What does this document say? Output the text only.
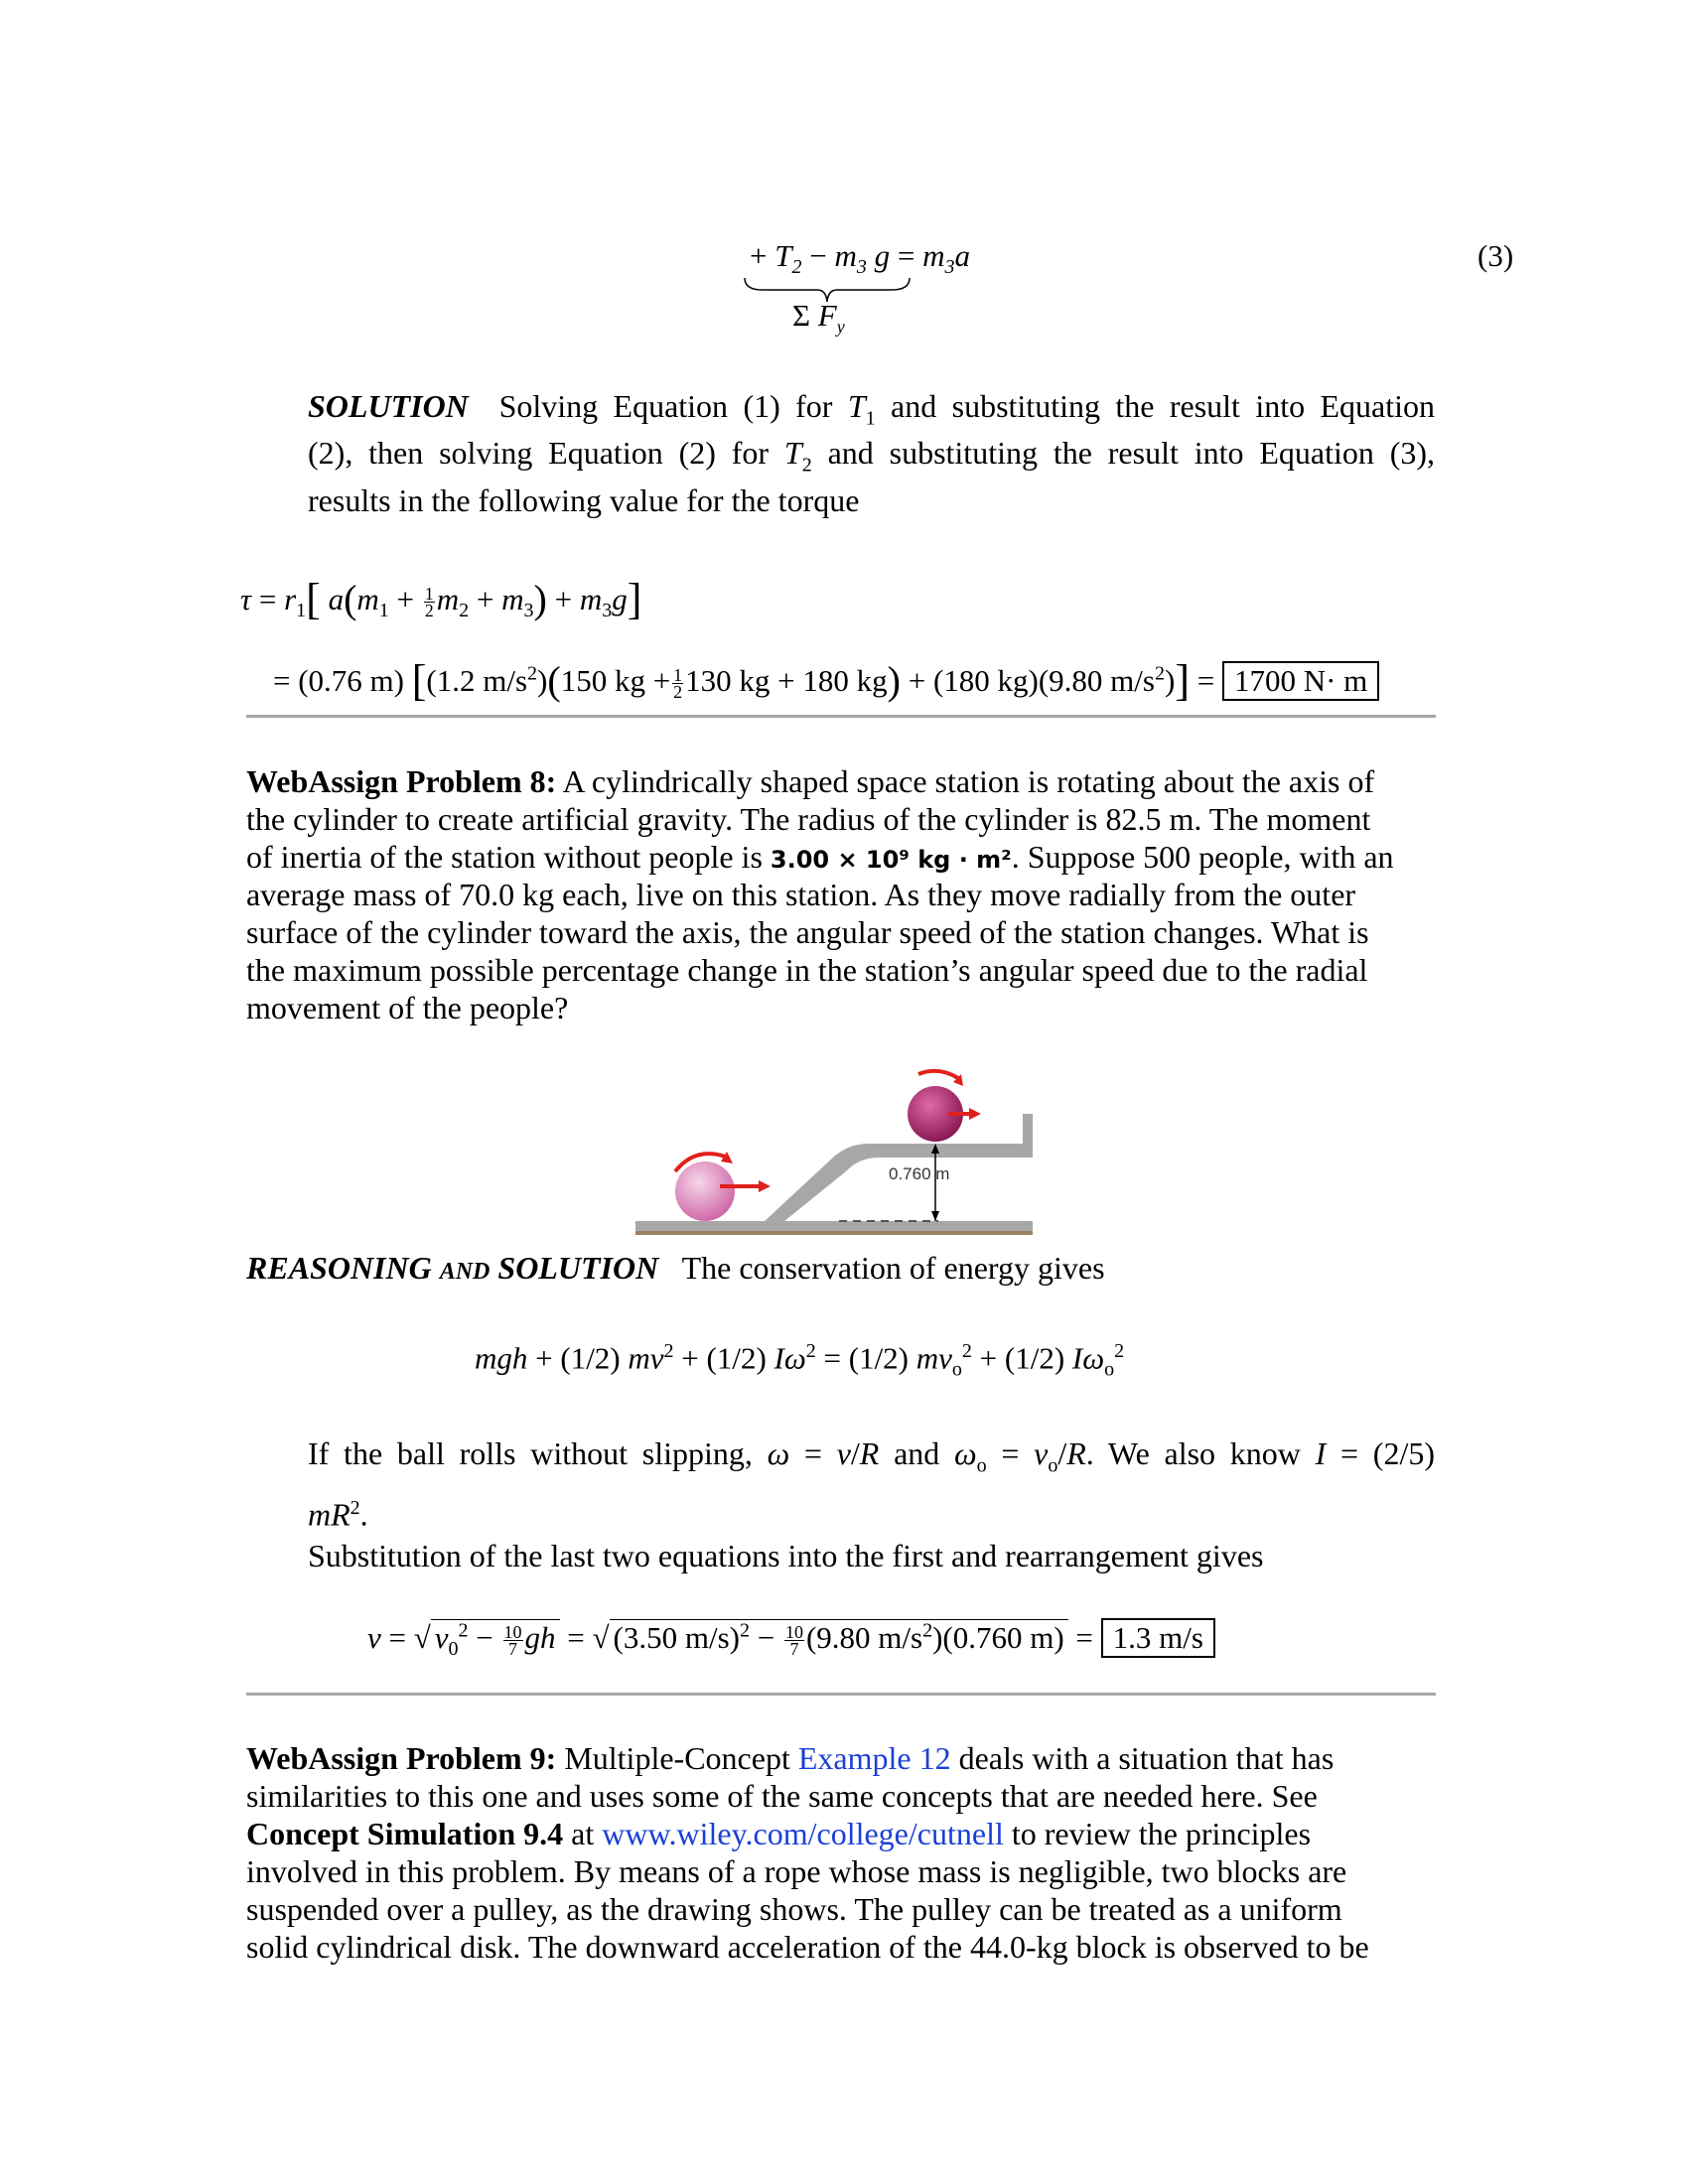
+ $T_2 - m_3$ $g = m_3a$
Σ $F_y$
(3)
SOLUTION Solving Equation (1) for $T_1$ and substituting the result into Equation
(2), then solving Equation (2) for $T_2$ and substituting the result into Equation (3),
results in the following value for the torque
$\tau = r_1$[ $a(m_1 + \frac{1}{2} m_2 + m_3) + m_3g$]
= (0.76 m) [(1.2 $m/s^2)(150$ kg + $\frac{1}{2} 130$ kg + 180 kg) + (180 kg)(9.80 $m/s^2)] = 1700$ N· m
WebAssign Problem 8: A cylindrically shaped space station is rotating about the axis of
the cylinder to create artificial gravity. The radius of the cylinder is 82.5 m. The moment
of inertia of the station without people is 3.00 × 10⁹ kg · m². Suppose 500 people, with an
average mass of 70.0 kg each, live on this station. As they move radially from the outer
surface of the cylinder toward the axis, the angular speed of the station changes. What is
the maximum possible percentage change in the station’s angular speed due to the radial
movement of the people?
0.760 m
REASONING AND SOLUTION The conservation of energy gives
mgh + (1/2) $mv^2 + (1/2) I\omega^2 = (1/2) mv_o^2 + (1/2)$ $I\omega_o^2$
If the ball rolls without slipping, ω = v/R and $\omega_o = v_o/R$. We also know I = (2/5)
$mR^2$.
Substitution of the last two equations into the first and rearrangement gives
v = √ $v_0^2 - \frac{10}{7}$ gh = √ (3.50 $m/s)^2 - \frac{10}{7} (9.80$ $m/s^2)(0.760$ m) = 1.3 m/s
WebAssign Problem 9: Multiple-Concept Example 12 deals with a situation that has
similarities to this one and uses some of the same concepts that are needed here. See
Concept Simulation 9.4 at www.wiley.com/college/cutnell to review the principles
involved in this problem. By means of a rope whose mass is negligible, two blocks are
suspended over a pulley, as the drawing shows. The pulley can be treated as a uniform
solid cylindrical disk. The downward acceleration of the 44.0-kg block is observed to be
